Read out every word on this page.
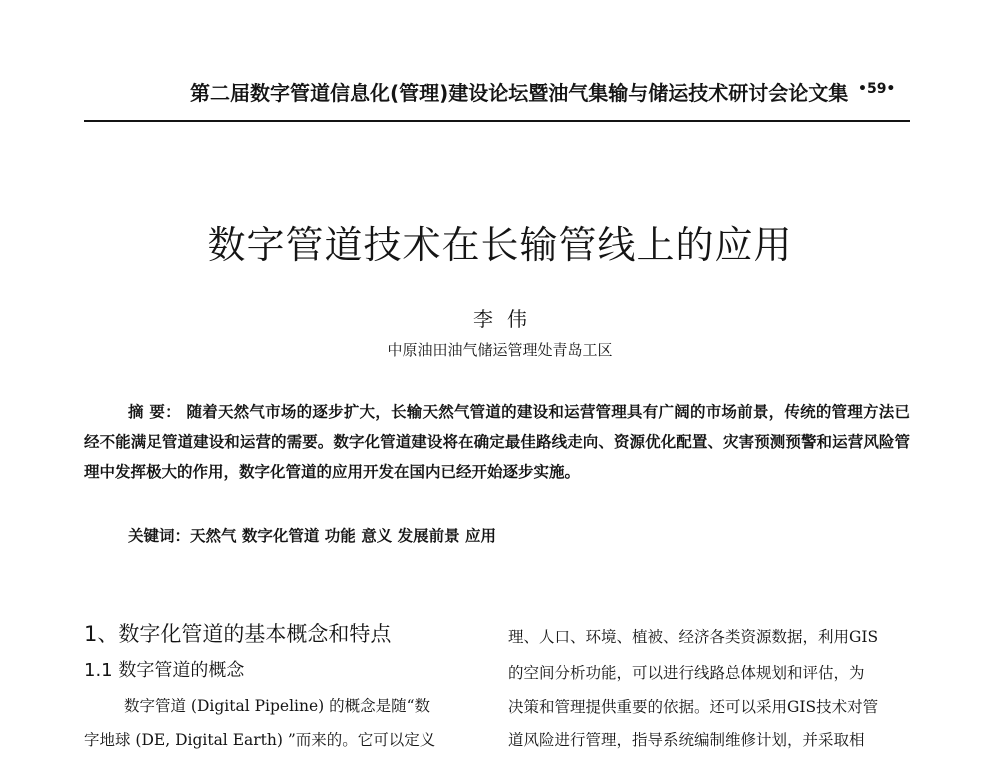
第二届数字管道信息化(管理)建设论坛暨油气集输与储运技术研讨会论文集 •59•
数字管道技术在长输管线上的应用
李伟
中原油田油气储运管理处青岛工区
摘 要： 随着天然气市场的逐步扩大，长输天然气管道的建设和运营管理具有广阔的市场前景，传统的管理方法已经不能满足管道建设和运营的需要。数字化管道建设将在确定最佳路线走向、资源优化配置、灾害预测预警和运营风险管理中发挥极大的作用，数字化管道的应用开发在国内已经开始逐步实施。
关键词：天然气 数字化管道 功能 意义 发展前景 应用
1、数字化管道的基本概念和特点
1.1 数字管道的概念
数字管道 (Digital Pipeline) 的概念是随“数
字地球 (DE, Digital Earth) ”而来的。它可以定义
理、人口、环境、植被、经济各类资源数据，利用GIS
的空间分析功能，可以进行线路总体规划和评估，为
决策和管理提供重要的依据。还可以采用GIS技术对管
道风险进行管理，指导系统编制维修计划，并采取相
